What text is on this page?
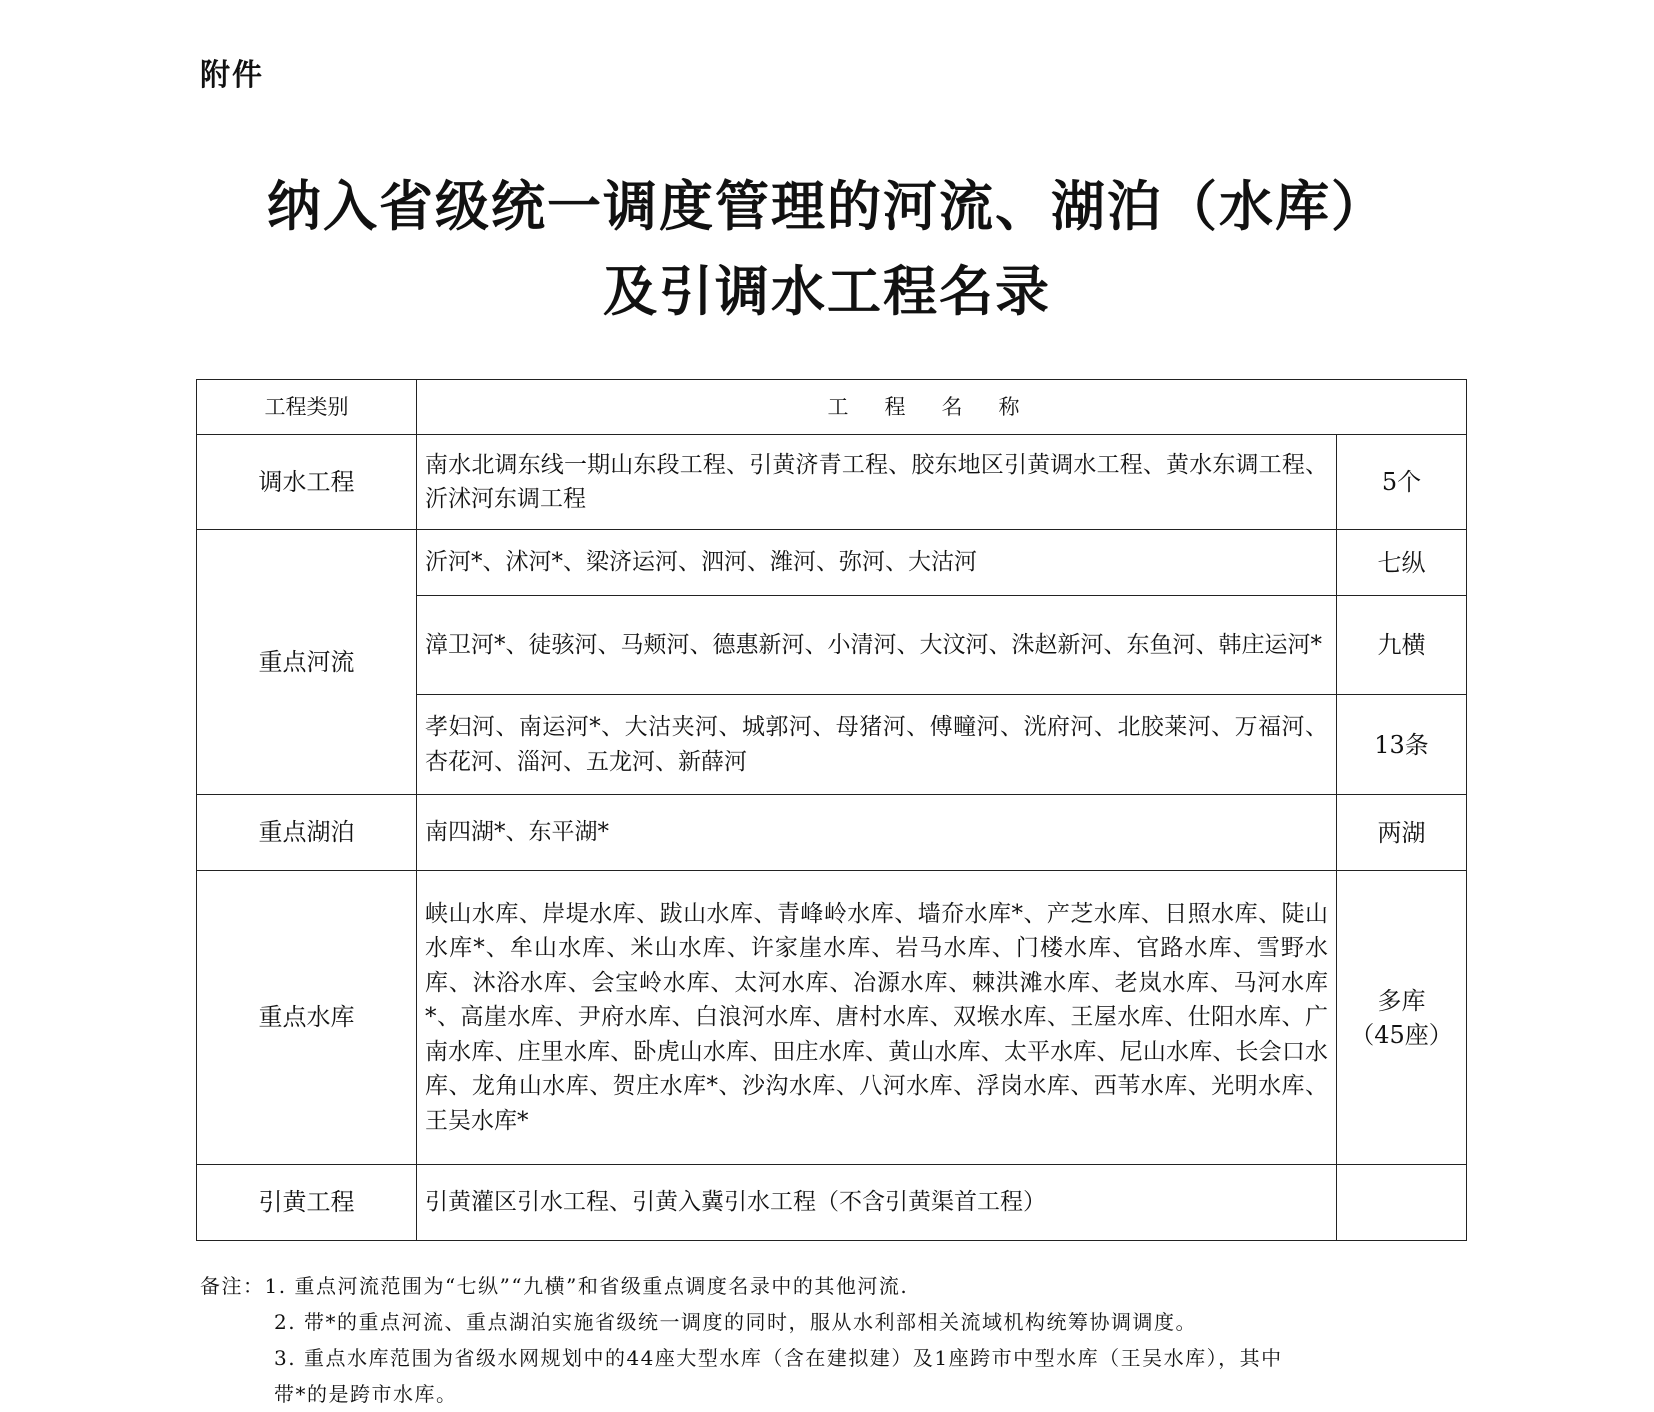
附件
纳入省级统一调度管理的河流、湖泊（水库）
及引调水工程名录
工程类别	工程名称	
调水工程	南水北调东线一期山东段工程、引黄济青工程、胶东地区引黄调水工程、黄水东调工程、沂沭河东调工程	5个
重点河流	沂河*、沭河*、梁济运河、泗河、潍河、弥河、大沽河	七纵
	漳卫河*、徒骇河、马颊河、德惠新河、小清河、大汶河、洙赵新河、东鱼河、韩庄运河*	九横
	孝妇河、南运河*、大沽夹河、城郭河、母猪河、傅疃河、洸府河、北胶莱河、万福河、杏花河、淄河、五龙河、新薛河	13条
重点湖泊	南四湖*、东平湖*	两湖
重点水库	峡山水库、岸堤水库、跋山水库、青峰岭水库、墙夼水库*、产芝水库、日照水库、陡山水库*、牟山水库、米山水库、许家崖水库、岩马水库、门楼水库、官路水库、雪野水库、沐浴水库、会宝岭水库、太河水库、冶源水库、棘洪滩水库、老岚水库、马河水库*、高崖水库、尹府水库、白浪河水库、唐村水库、双堠水库、王屋水库、仕阳水库、广南水库、庄里水库、卧虎山水库、田庄水库、黄山水库、太平水库、尼山水库、长会口水库、龙角山水库、贺庄水库*、沙沟水库、八河水库、浮岗水库、西苇水库、光明水库、王吴水库*	多库
（45座）

引黄工程	引黄灌区引水工程、引黄入冀引水工程（不含引黄渠首工程）	
备注：1. 重点河流范围为“七纵”“九横”和省级重点调度名录中的其他河流.
2. 带*的重点河流、重点湖泊实施省级统一调度的同时，服从水利部相关流域机构统筹协调调度。
3. 重点水库范围为省级水网规划中的44座大型水库（含在建拟建）及1座跨市中型水库（王吴水库），其中
带*的是跨市水库。
